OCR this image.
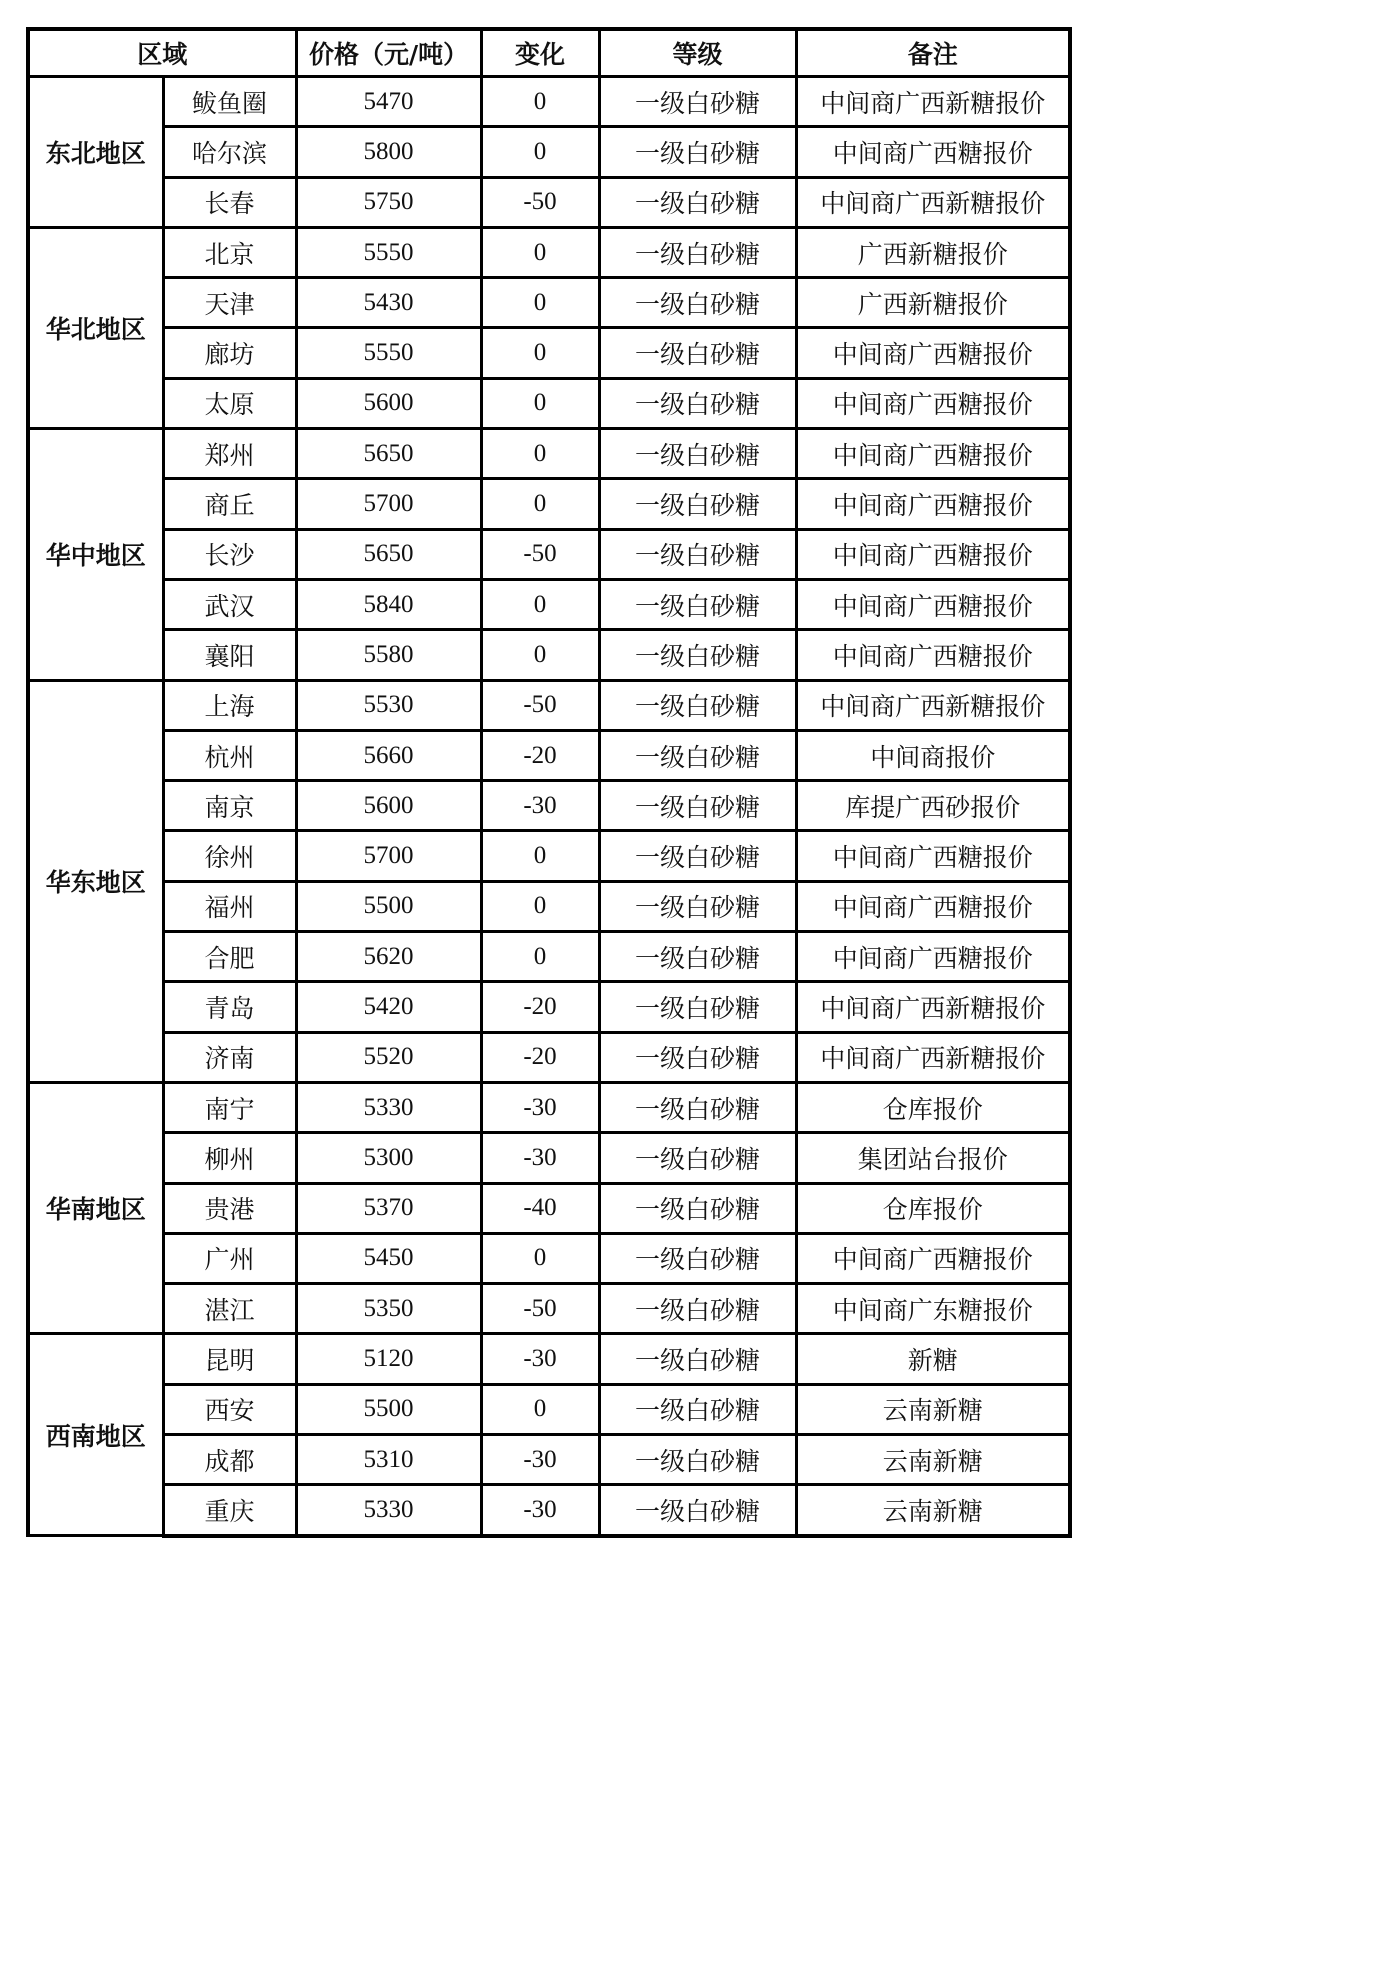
区域		价格（元/吨）	变化	等级	备注
东北地区	鲅鱼圈	5470	0	一级白砂糖	中间商广西新糖报价
	哈尔滨	5800	0	一级白砂糖	中间商广西糖报价
	长春	5750	-50	一级白砂糖	中间商广西新糖报价
华北地区	北京	5550	0	一级白砂糖	广西新糖报价
	天津	5430	0	一级白砂糖	广西新糖报价
	廊坊	5550	0	一级白砂糖	中间商广西糖报价
	太原	5600	0	一级白砂糖	中间商广西糖报价
华中地区	郑州	5650	0	一级白砂糖	中间商广西糖报价
	商丘	5700	0	一级白砂糖	中间商广西糖报价
	长沙	5650	-50	一级白砂糖	中间商广西糖报价
	武汉	5840	0	一级白砂糖	中间商广西糖报价
	襄阳	5580	0	一级白砂糖	中间商广西糖报价
华东地区	上海	5530	-50	一级白砂糖	中间商广西新糖报价
	杭州	5660	-20	一级白砂糖	中间商报价
	南京	5600	-30	一级白砂糖	库提广西砂报价
	徐州	5700	0	一级白砂糖	中间商广西糖报价
	福州	5500	0	一级白砂糖	中间商广西糖报价
	合肥	5620	0	一级白砂糖	中间商广西糖报价
	青岛	5420	-20	一级白砂糖	中间商广西新糖报价
	济南	5520	-20	一级白砂糖	中间商广西新糖报价
华南地区	南宁	5330	-30	一级白砂糖	仓库报价
	柳州	5300	-30	一级白砂糖	集团站台报价
	贵港	5370	-40	一级白砂糖	仓库报价
	广州	5450	0	一级白砂糖	中间商广西糖报价
	湛江	5350	-50	一级白砂糖	中间商广东糖报价
西南地区	昆明	5120	-30	一级白砂糖	新糖
	西安	5500	0	一级白砂糖	云南新糖
	成都	5310	-30	一级白砂糖	云南新糖
	重庆	5330	-30	一级白砂糖	云南新糖
